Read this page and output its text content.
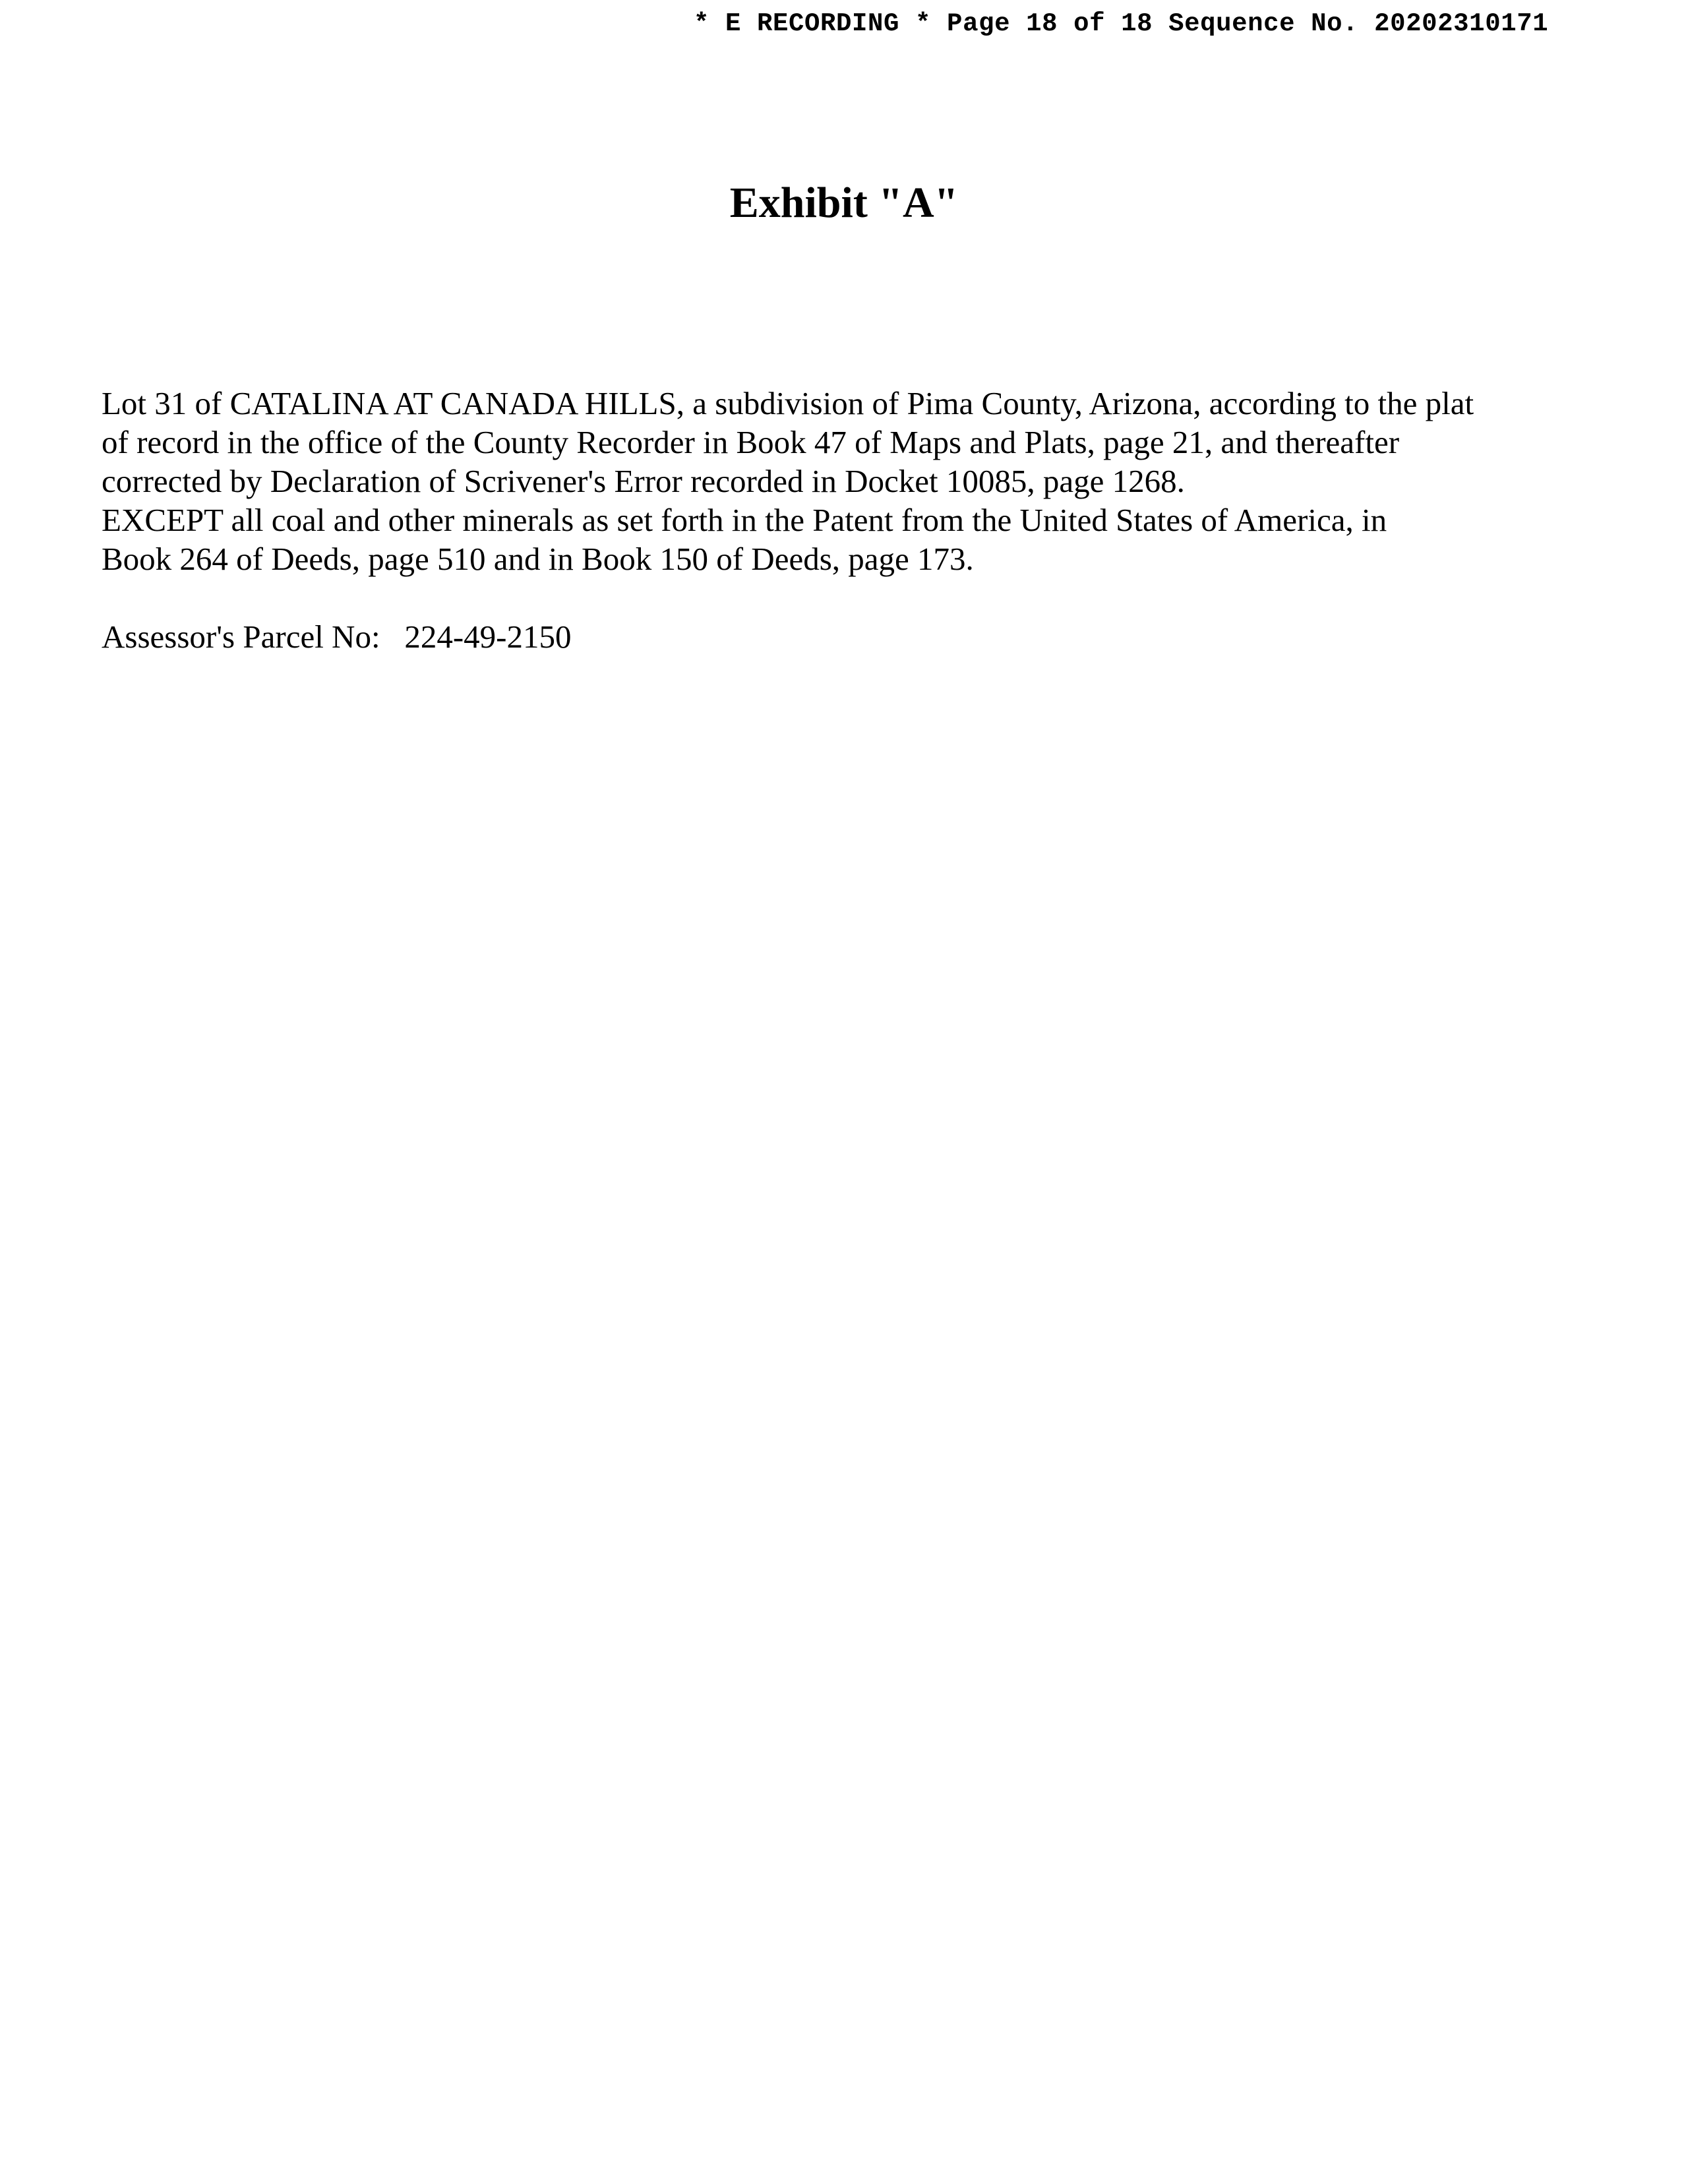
* E RECORDING * Page 18 of 18 Sequence No. 20202310171
Exhibit "A"
Lot 31 of CATALINA AT CANADA HILLS, a subdivision of Pima County, Arizona, according to the plat
of record in the office of the County Recorder in Book 47 of Maps and Plats, page 21, and thereafter
corrected by Declaration of Scrivener's Error recorded in Docket 10085, page 1268.
EXCEPT all coal and other minerals as set forth in the Patent from the United States of America, in
Book 264 of Deeds, page 510 and in Book 150 of Deeds, page 173.
Assessor's Parcel No: 224-49-2150
